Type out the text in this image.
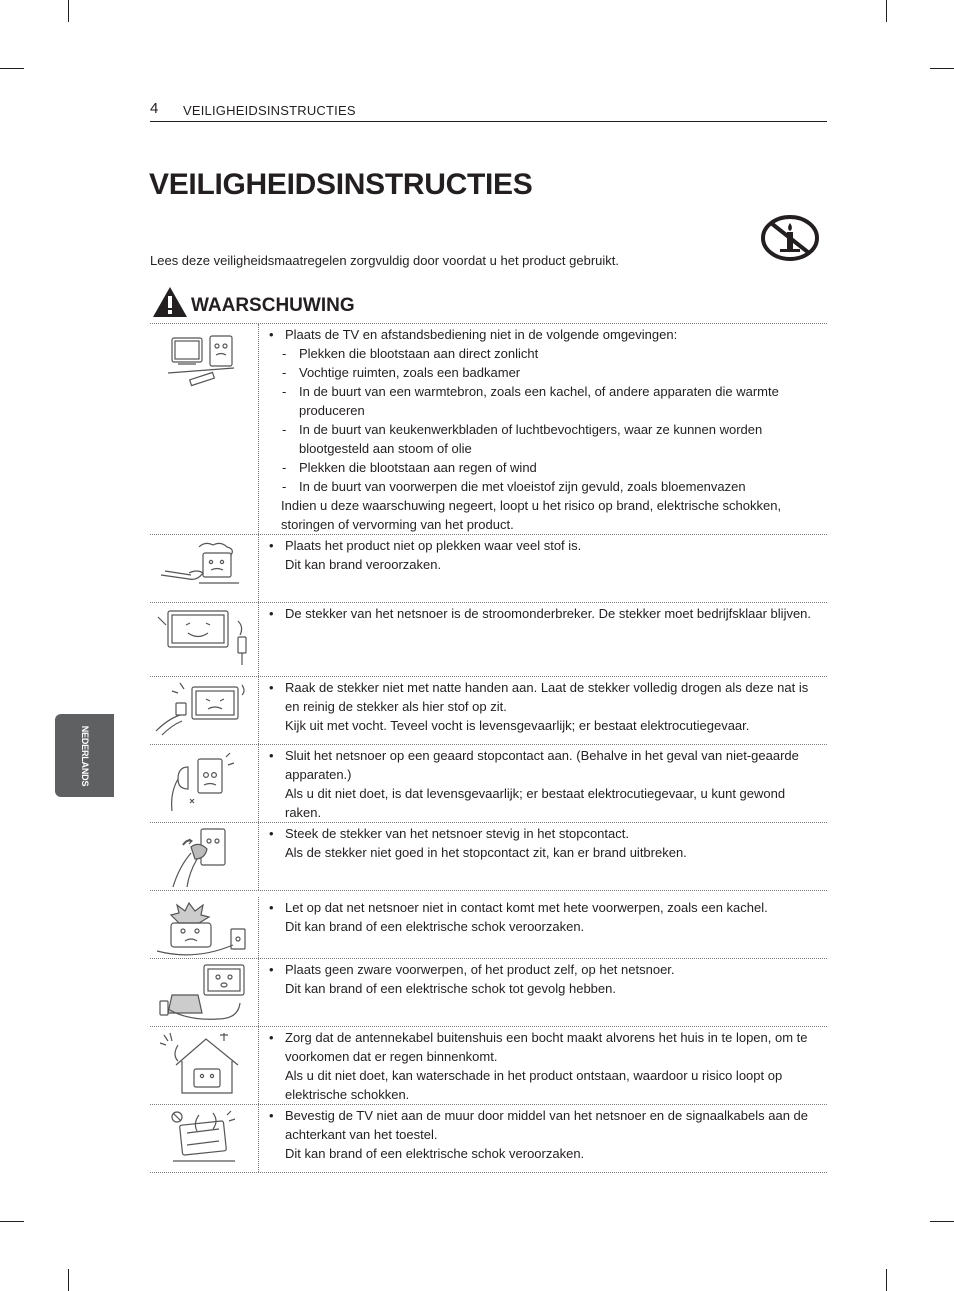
4 VEILIGHEIDSINSTRUCTIES
VEILIGHEIDSINSTRUCTIES

Lees deze veiligheidsmaatregelen zorgvuldig door voordat u het product gebruikt.

WAARSCHUWING
NEDERLANDS
• Plaats de TV en afstandsbediening niet in de volgende omgevingen:
- Plekken die blootstaan aan direct zonlicht
- Vochtige ruimten, zoals een badkamer
- In de buurt van een warmtebron, zoals een kachel, of andere apparaten die warmte produceren
- In de buurt van keukenwerkbladen of luchtbevochtigers, waar ze kunnen worden blootgesteld aan stoom of olie
- Plekken die blootstaan aan regen of wind
- In de buurt van voorwerpen die met vloeistof zijn gevuld, zoals bloemenvazen
Indien u deze waarschuwing negeert, loopt u het risico op brand, elektrische schokken, storingen of vervorming van het product.
• Plaats het product niet op plekken waar veel stof is.
Dit kan brand veroorzaken.
• De stekker van het netsnoer is de stroomonderbreker. De stekker moet bedrijfsklaar blijven.
• Raak de stekker niet met natte handen aan. Laat de stekker volledig drogen als deze nat is en reinig de stekker als hier stof op zit.
Kijk uit met vocht. Teveel vocht is levensgevaarlijk; er bestaat elektrocutiegevaar.
• Sluit het netsnoer op een geaard stopcontact aan. (Behalve in het geval van niet-geaarde apparaten.)
Als u dit niet doet, is dat levensgevaarlijk; er bestaat elektrocutiegevaar, u kunt gewond raken.
• Steek de stekker van het netsnoer stevig in het stopcontact.
Als de stekker niet goed in het stopcontact zit, kan er brand uitbreken.
• Let op dat net netsnoer niet in contact komt met hete voorwerpen, zoals een kachel.
Dit kan brand of een elektrische schok veroorzaken.
• Plaats geen zware voorwerpen, of het product zelf, op het netsnoer.
Dit kan brand of een elektrische schok tot gevolg hebben.
• Zorg dat de antennekabel buitenshuis een bocht maakt alvorens het huis in te lopen, om te voorkomen dat er regen binnenkomt.
Als u dit niet doet, kan waterschade in het product ontstaan, waardoor u risico loopt op elektrische schokken.
• Bevestig de TV niet aan de muur door middel van het netsnoer en de signaalkabels aan de achterkant van het toestel.
Dit kan brand of een elektrische schok veroorzaken.
